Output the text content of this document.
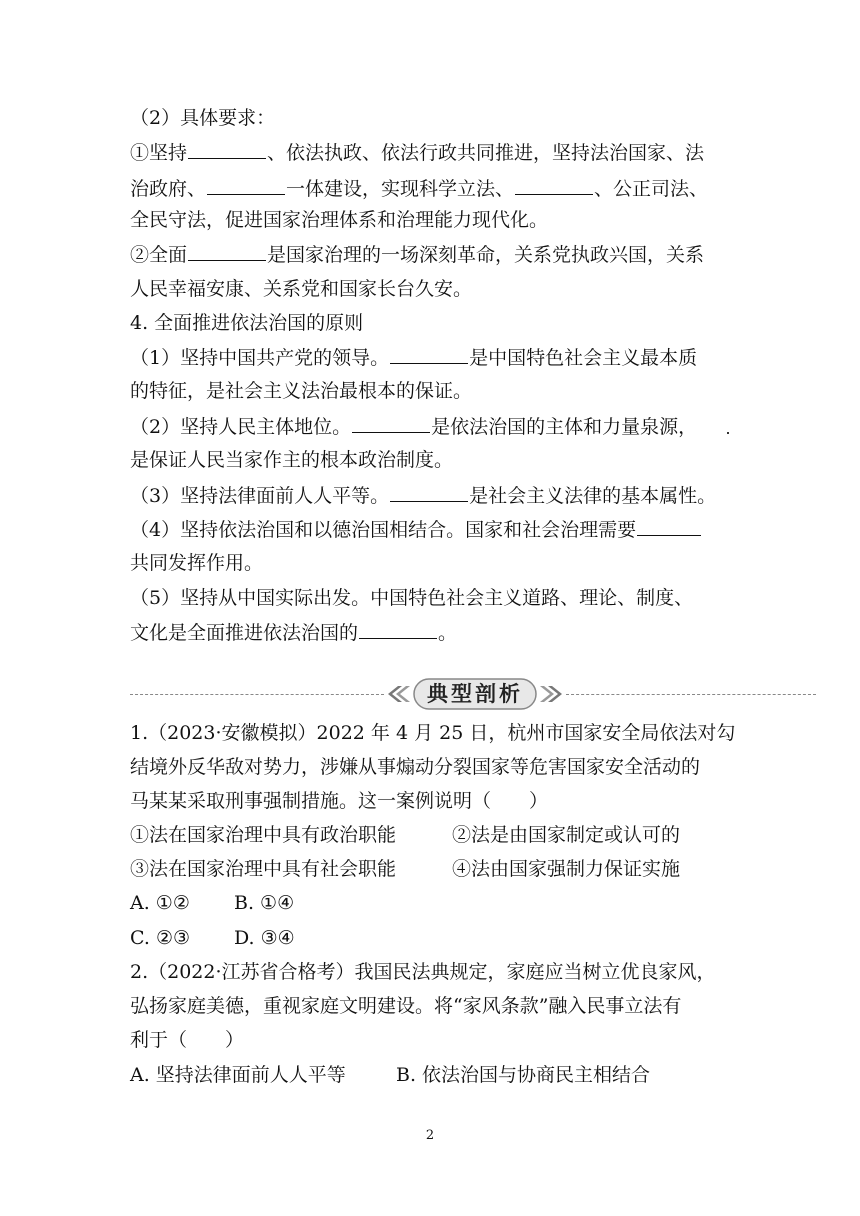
（2）具体要求：
①坚持	、依法执政、依法行政共同推进，坚持法治国家、法
治政府、	一体建设，实现科学立法、	、公正司法、
全民守法，促进国家治理体系和治理能力现代化。
②全面	是国家治理的一场深刻革命，关系党执政兴国，关系
人民幸福安康、关系党和国家长台久安。
4. 全面推进依法治国的原则
（1）坚持中国共产党的领导。	是中国特色社会主义最本质
的特征，是社会主义法治最根本的保证。
（2）坚持人民主体地位。	是依法治国的主体和力量泉源，
是保证人民当家作主的根本政治制度。
（3）坚持法律面前人人平等。	是社会主义法律的基本属性。
（4）坚持依法治国和以德治国相结合。国家和社会治理需要
共同发挥作用。
（5）坚持从中国实际出发。中国特色社会主义道路、理论、制度、
文化是全面推进依法治国的	。
典型剖析
1.（2023·安徽模拟）2022 年 4 月 25 日，杭州市国家安全局依法对勾
结境外反华敌对势力，涉嫌从事煽动分裂国家等危害国家安全活动的
马某某采取刑事强制措施。这一案例说明（　　）
①法在国家治理中具有政治职能	②法是由国家制定或认可的
③法在国家治理中具有社会职能	④法由国家强制力保证实施
A. ①② B. ①④
C. ②③ D. ③④
2.（2022·江苏省合格考）我国民法典规定，家庭应当树立优良家风，
弘扬家庭美德，重视家庭文明建设。将“家风条款”融入民事立法有
利于（　　）
A. 坚持法律面前人人平等	B. 依法治国与协商民主相结合
2
